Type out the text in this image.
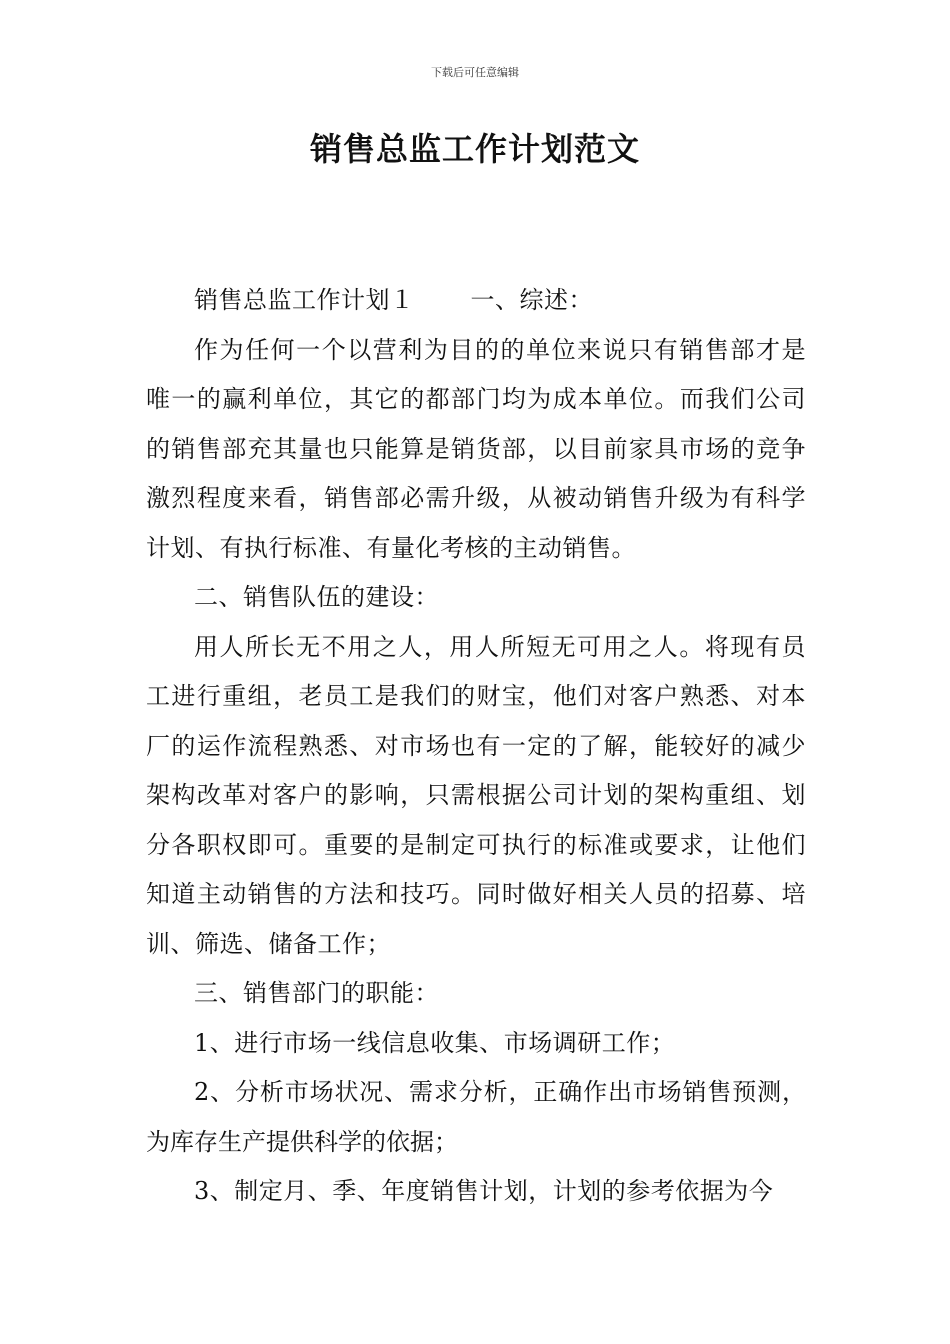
下载后可任意编辑
销售总监工作计划范文

销售总监工作计划１ 一、综述：

作为任何一个以营利为目的的单位来说只有销售部才是唯一的赢利单位，其它的都部门均为成本单位。而我们公司的销售部充其量也只能算是销货部，以目前家具市场的竞争激烈程度来看，销售部必需升级，从被动销售升级为有科学计划、有执行标准、有量化考核的主动销售。

二、销售队伍的建设：

用人所长无不用之人，用人所短无可用之人。将现有员工进行重组，老员工是我们的财宝，他们对客户熟悉、对本厂的运作流程熟悉、对市场也有一定的了解，能较好的减少架构改革对客户的影响，只需根据公司计划的架构重组、划分各职权即可。重要的是制定可执行的标准或要求，让他们知道主动销售的方法和技巧。同时做好相关人员的招募、培训、筛选、储备工作；

三、销售部门的职能：

1、进行市场一线信息收集、市场调研工作；

2、分析市场状况、需求分析，正确作出市场销售预测，为库存生产提供科学的依据；

3、制定月、季、年度销售计划，计划的参考依据为今
